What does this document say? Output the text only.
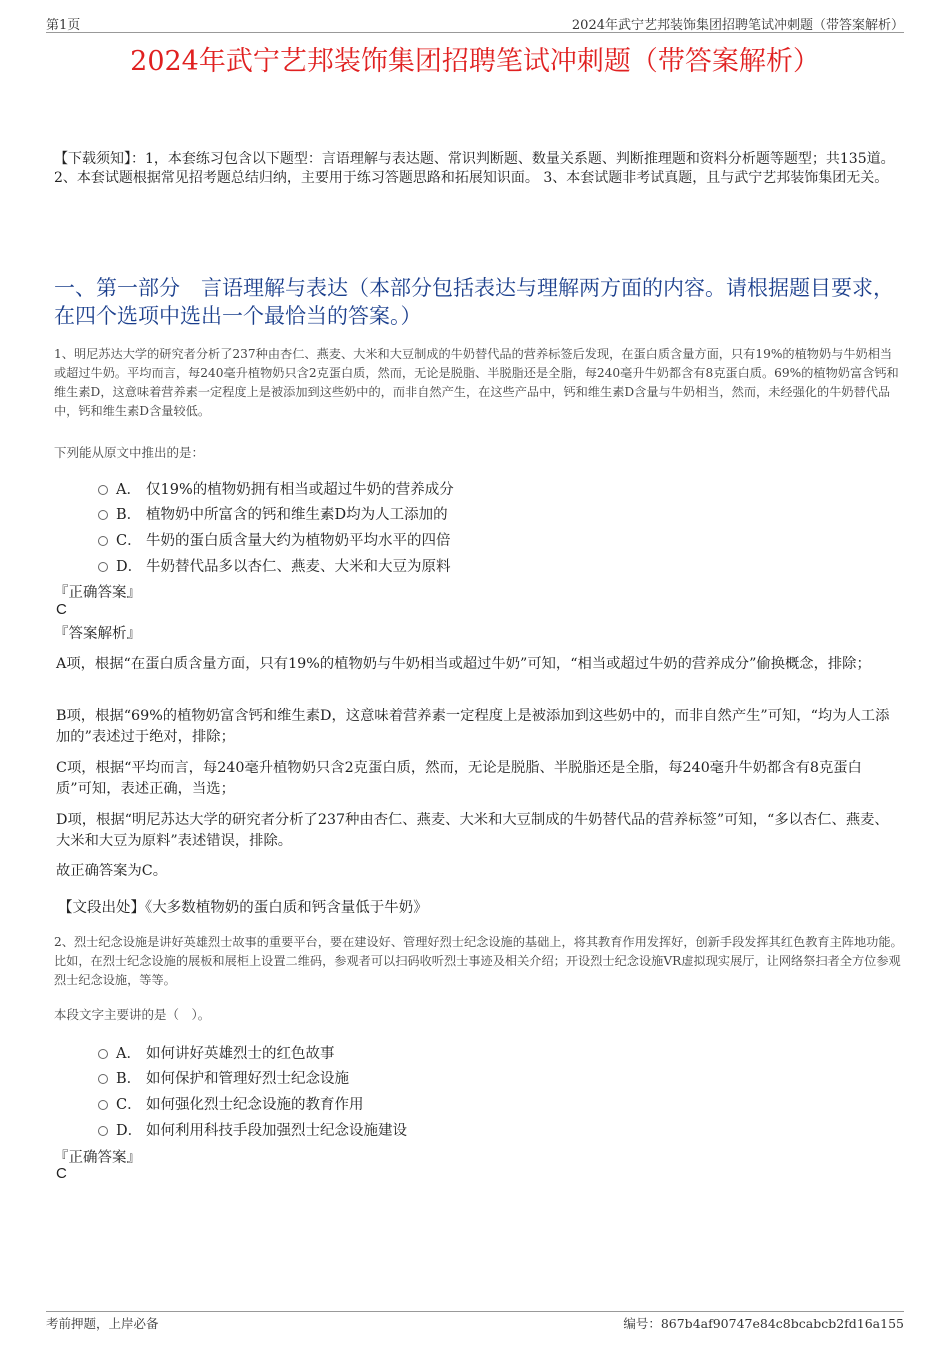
第1页	2024年武宁艺邦装饰集团招聘笔试冲刺题（带答案解析）
2024年武宁艺邦装饰集团招聘笔试冲刺题（带答案解析）
【下载须知】：1，本套练习包含以下题型：言语理解与表达题、常识判断题、数量关系题、判断推理题和资料分析题等题型；共135道。 2、本套试题根据常见招考题总结归纳，主要用于练习答题思路和拓展知识面。 3、本套试题非考试真题，且与武宁艺邦装饰集团无关。
一、第一部分　言语理解与表达（本部分包括表达与理解两方面的内容。请根据题目要求，在四个选项中选出一个最恰当的答案。）
1、明尼苏达大学的研究者分析了237种由杏仁、燕麦、大米和大豆制成的牛奶替代品的营养标签后发现，在蛋白质含量方面，只有19%的植物奶与牛奶相当或超过牛奶。平均而言，每240毫升植物奶只含2克蛋白质，然而，无论是脱脂、半脱脂还是全脂，每240毫升牛奶都含有8克蛋白质。69%的植物奶富含钙和维生素D，这意味着营养素一定程度上是被添加到这些奶中的，而非自然产生，在这些产品中，钙和维生素D含量与牛奶相当，然而，未经强化的牛奶替代品中，钙和维生素D含量较低。
下列能从原文中推出的是：
A． 仅19%的植物奶拥有相当或超过牛奶的营养成分
B． 植物奶中所富含的钙和维生素D均为人工添加的
C． 牛奶的蛋白质含量大约为植物奶平均水平的四倍
D． 牛奶替代品多以杏仁、燕麦、大米和大豆为原料
『正确答案』
C
『答案解析』
A项，根据“在蛋白质含量方面，只有19%的植物奶与牛奶相当或超过牛奶”可知，“相当或超过牛奶的营养成分”偷换概念，排除；
B项，根据“69%的植物奶富含钙和维生素D，这意味着营养素一定程度上是被添加到这些奶中的，而非自然产生”可知，“均为人工添加的”表述过于绝对，排除；
C项，根据“平均而言，每240毫升植物奶只含2克蛋白质，然而，无论是脱脂、半脱脂还是全脂，每240毫升牛奶都含有8克蛋白质”可知，表述正确，当选；
D项，根据“明尼苏达大学的研究者分析了237种由杏仁、燕麦、大米和大豆制成的牛奶替代品的营养标签”可知，“多以杏仁、燕麦、大米和大豆为原料”表述错误，排除。
故正确答案为C。
【文段出处】《大多数植物奶的蛋白质和钙含量低于牛奶》
2、烈士纪念设施是讲好英雄烈士故事的重要平台，要在建设好、管理好烈士纪念设施的基础上，将其教育作用发挥好，创新手段发挥其红色教育主阵地功能。比如，在烈士纪念设施的展板和展柜上设置二维码，参观者可以扫码收听烈士事迹及相关介绍；开设烈士纪念设施VR虚拟现实展厅，让网络祭扫者全方位参观烈士纪念设施，等等。
本段文字主要讲的是（　）。
A． 如何讲好英雄烈士的红色故事
B． 如何保护和管理好烈士纪念设施
C． 如何强化烈士纪念设施的教育作用
D． 如何利用科技手段加强烈士纪念设施建设
『正确答案』
C
考前押题，上岸必备	编号：867b4af90747e84c8bcabcb2fd16a155
